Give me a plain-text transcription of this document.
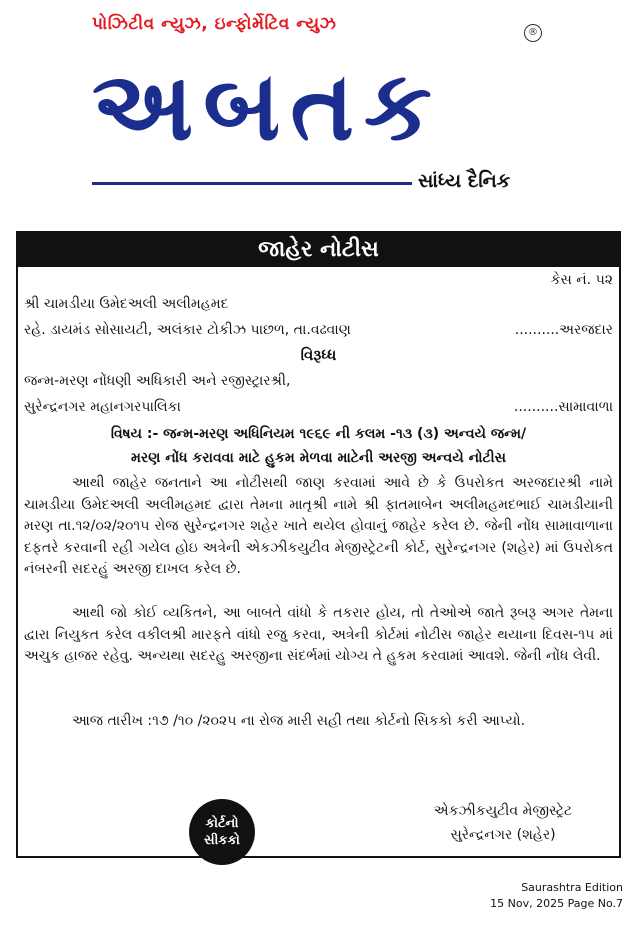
પોઝિટીવ ન્યુઝ, ઇન્ફોર્મેટિવ ન્યુઝ	®
અબતક
સાંધ્ય દૈનિક
જાહેર નોટીસ
કેસ નં. ૫૨
શ્રી ચામડીયા ઉમેદઅલી અલીમહમદ
રહે. ડાયમંડ સોસાયટી, અલંકાર ટોકીઝ પાછળ, તા.વઢવાણ	..........અરજદાર
વિરૂધ્ધ
જન્મ-મરણ નોંધણી અધિકારી અને રજીસ્ટ્રારશ્રી,
સુરેન્દ્રનગર મહાનગરપાલિકા	..........સામાવાળા
વિષય :- જન્મ-મરણ અધિનિયમ ૧૯૬૯ ની કલમ -૧૩ (૩) અન્વયે જન્મ/
મરણ નોંધ કરાવવા માટે હુકમ મેળવા માટેની અરજી અન્વયે નોટીસ
આથી જાહેર જનતાને આ નોટીસથી જાણ કરવામાં આવે છે કે ઉપરોકત અરજદારશ્રી નામે ચામડીયા ઉમેદઅલી અલીમહમદ દ્વારા તેમના માતૃશ્રી નામે શ્રી ફાતમાબેન અલીમહમદભાઈ ચામડીયાની મરણ તા.૧૨/૦૨/૨૦૧૫ રોજ સુરેન્દ્રનગર શહેર ખાતે થયેલ હોવાનું જાહેર કરેલ છે. જેની નોંધ સામાવાળાના દફતરે કરવાની રહી ગયેલ હોઇ અત્રેની એકઝીકયુટીવ મેજીસ્ટ્રેટની કોર્ટ, સુરેન્દ્રનગર (શહેર) માં ઉપરોકત નંબરની સદરહું અરજી દાખલ કરેલ છે.
આથી જો કોઈ વ્યકિતને, આ બાબતે વાંધો કે તકરાર હોય, તો તેઓએ જાતે રૂબરૂ અગર તેમના દ્વારા નિયુકત કરેલ વકીલશ્રી મારફતે વાંધો રજુ કરવા, અત્રેની કોર્ટમાં નોટીસ જાહેર થયાના દિવસ-૧૫ માં અચુક હાજર રહેવુ. અન્યથા સદરહુ અરજીના સંદર્ભમાં યોગ્ય તે હુકમ કરવામાં આવશે. જેની નોંધ લેવી.
આજ તારીખ :૧૭ /૧૦ /૨૦૨૫ ના રોજ મારી સહી તથા કોર્ટનો સિકકો કરી આપ્યો.
કોર્ટનો
સીકકો
એકઝીકયુટીવ મેજીસ્ટ્રેટ
સુરેન્દ્રનગર (શહેર)
Saurashtra Edition
15 Nov, 2025 Page No.7
